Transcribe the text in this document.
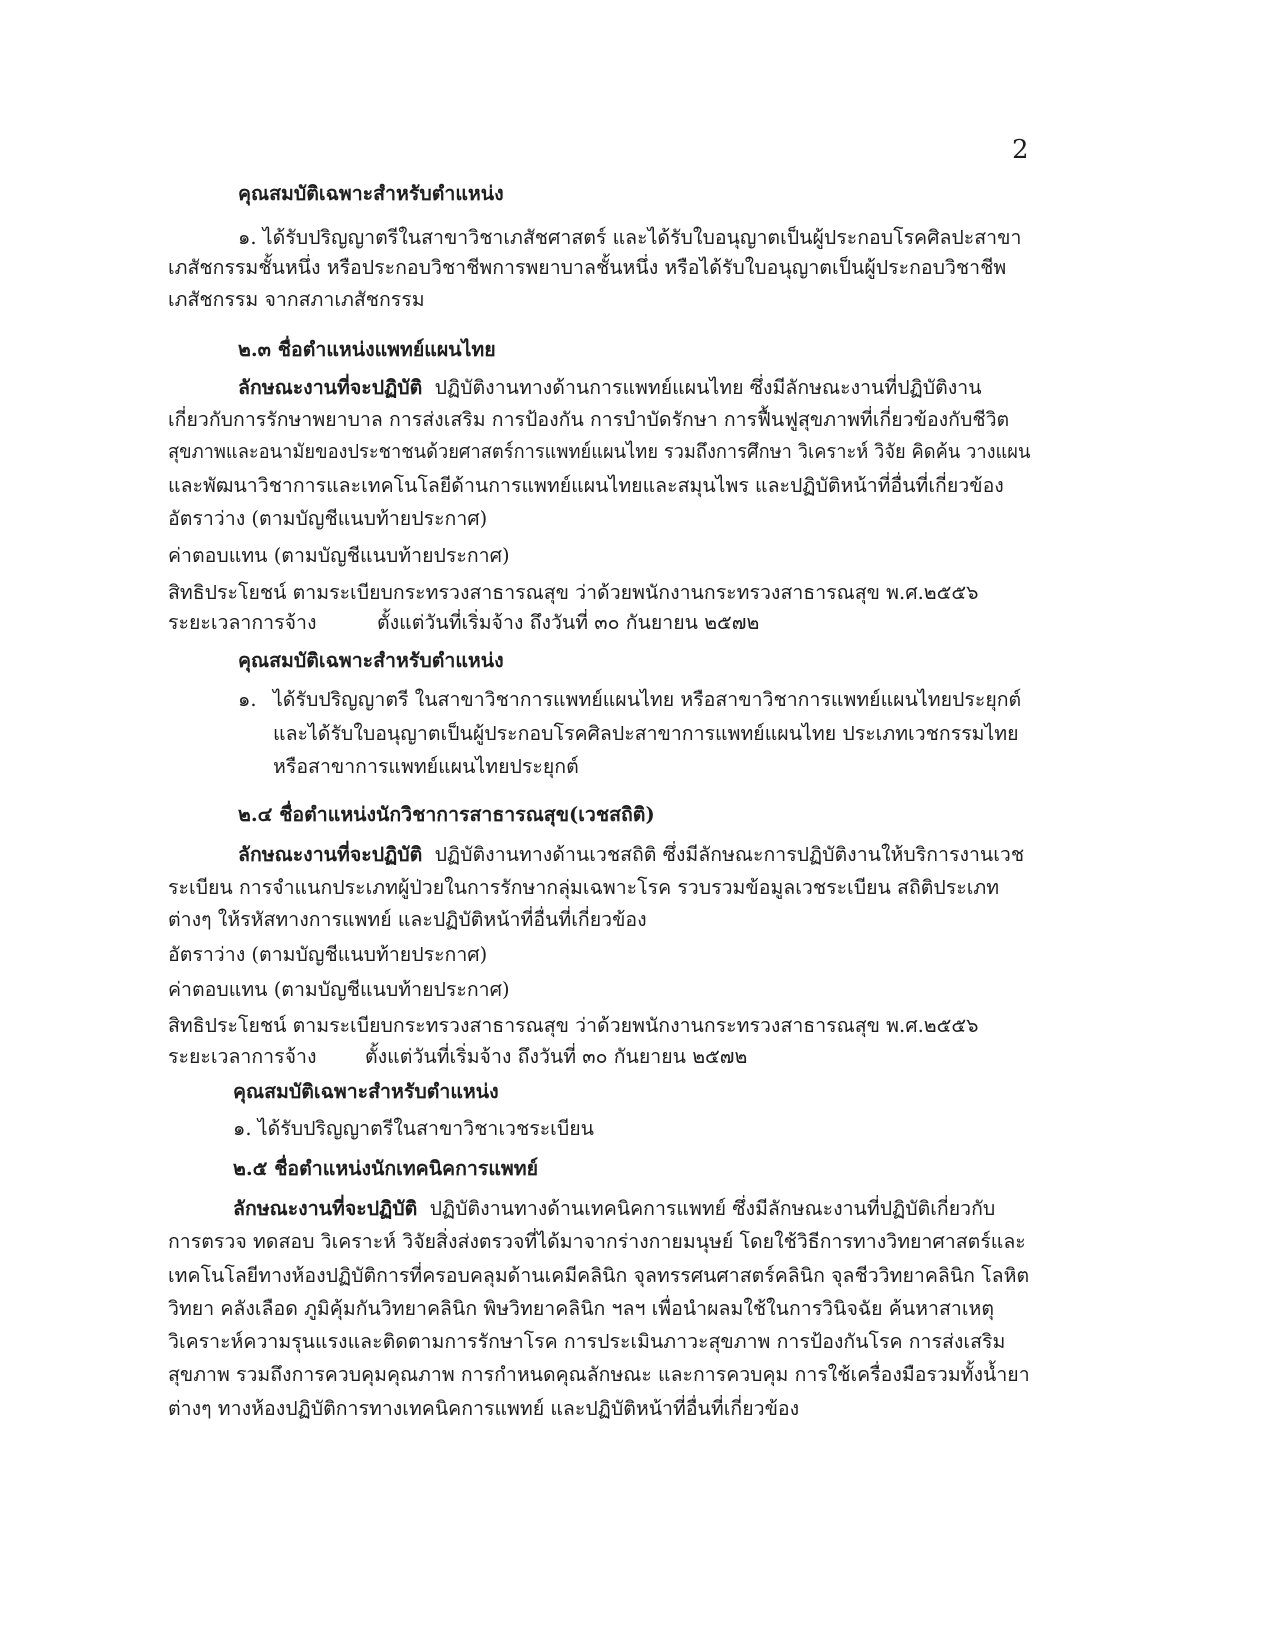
2
คุณสมบัติเฉพาะสำหรับตำแหน่ง
๑. ได้รับปริญญาตรีในสาขาวิชาเภสัชศาสตร์ และได้รับใบอนุญาตเป็นผู้ประกอบโรคศิลปะสาขา
เภสัชกรรมชั้นหนึ่ง หรือประกอบวิชาชีพการพยาบาลชั้นหนึ่ง หรือได้รับใบอนุญาตเป็นผู้ประกอบวิชาชีพ
เภสัชกรรม จากสภาเภสัชกรรม
๒.๓ ชื่อตำแหน่งแพทย์แผนไทย
ลักษณะงานที่จะปฏิบัติ ปฏิบัติงานทางด้านการแพทย์แผนไทย ซึ่งมีลักษณะงานที่ปฏิบัติงาน
เกี่ยวกับการรักษาพยาบาล การส่งเสริม การป้องกัน การบำบัดรักษา การฟื้นฟูสุขภาพที่เกี่ยวข้องกับชีวิต
สุขภาพและอนามัยของประชาชนด้วยศาสตร์การแพทย์แผนไทย รวมถึงการศึกษา วิเคราะห์ วิจัย คิดค้น วางแผน
และพัฒนาวิชาการและเทคโนโลยีด้านการแพทย์แผนไทยและสมุนไพร และปฏิบัติหน้าที่อื่นที่เกี่ยวข้อง
อัตราว่าง (ตามบัญชีแนบท้ายประกาศ)
ค่าตอบแทน (ตามบัญชีแนบท้ายประกาศ)
สิทธิประโยชน์ ตามระเบียบกระทรวงสาธารณสุข ว่าด้วยพนักงานกระทรวงสาธารณสุข พ.ศ.๒๕๕๖
ระยะเวลาการจ้าง	ตั้งแต่วันที่เริ่มจ้าง ถึงวันที่ ๓๐ กันยายน ๒๕๗๒
คุณสมบัติเฉพาะสำหรับตำแหน่ง
๑. ได้รับปริญญาตรี ในสาขาวิชาการแพทย์แผนไทย หรือสาขาวิชาการแพทย์แผนไทยประยุกต์
และได้รับใบอนุญาตเป็นผู้ประกอบโรคศิลปะสาขาการแพทย์แผนไทย ประเภทเวชกรรมไทย
หรือสาขาการแพทย์แผนไทยประยุกต์
๒.๔ ชื่อตำแหน่งนักวิชาการสาธารณสุข(เวชสถิติ)
ลักษณะงานที่จะปฏิบัติ ปฏิบัติงานทางด้านเวชสถิติ ซึ่งมีลักษณะการปฏิบัติงานให้บริการงานเวช
ระเบียน การจำแนกประเภทผู้ป่วยในการรักษากลุ่มเฉพาะโรค รวบรวมข้อมูลเวชระเบียน สถิติประเภท
ต่างๆ ให้รหัสทางการแพทย์ และปฏิบัติหน้าที่อื่นที่เกี่ยวข้อง
อัตราว่าง (ตามบัญชีแนบท้ายประกาศ)
ค่าตอบแทน (ตามบัญชีแนบท้ายประกาศ)
สิทธิประโยชน์ ตามระเบียบกระทรวงสาธารณสุข ว่าด้วยพนักงานกระทรวงสาธารณสุข พ.ศ.๒๕๕๖
ระยะเวลาการจ้าง ตั้งแต่วันที่เริ่มจ้าง ถึงวันที่ ๓๐ กันยายน ๒๕๗๒
คุณสมบัติเฉพาะสำหรับตำแหน่ง
๑. ได้รับปริญญาตรีในสาขาวิชาเวชระเบียน
๒.๕ ชื่อตำแหน่งนักเทคนิคการแพทย์
ลักษณะงานที่จะปฏิบัติ ปฏิบัติงานทางด้านเทคนิคการแพทย์ ซึ่งมีลักษณะงานที่ปฏิบัติเกี่ยวกับ
การตรวจ ทดสอบ วิเคราะห์ วิจัยสิ่งส่งตรวจที่ได้มาจากร่างกายมนุษย์ โดยใช้วิธีการทางวิทยาศาสตร์และ
เทคโนโลยีทางห้องปฏิบัติการที่ครอบคลุมด้านเคมีคลินิก จุลทรรศนศาสตร์คลินิก จุลชีววิทยาคลินิก โลหิต
วิทยา คลังเลือด ภูมิคุ้มกันวิทยาคลินิก พิษวิทยาคลินิก ฯลฯ เพื่อนำผลมใช้ในการวินิจฉัย ค้นหาสาเหตุ
วิเคราะห์ความรุนแรงและติดตามการรักษาโรค การประเมินภาวะสุขภาพ การป้องกันโรค การส่งเสริม
สุขภาพ รวมถึงการควบคุมคุณภาพ การกำหนดคุณลักษณะ และการควบคุม การใช้เครื่องมือรวมทั้งน้ำยา
ต่างๆ ทางห้องปฏิบัติการทางเทคนิคการแพทย์ และปฏิบัติหน้าที่อื่นที่เกี่ยวข้อง
